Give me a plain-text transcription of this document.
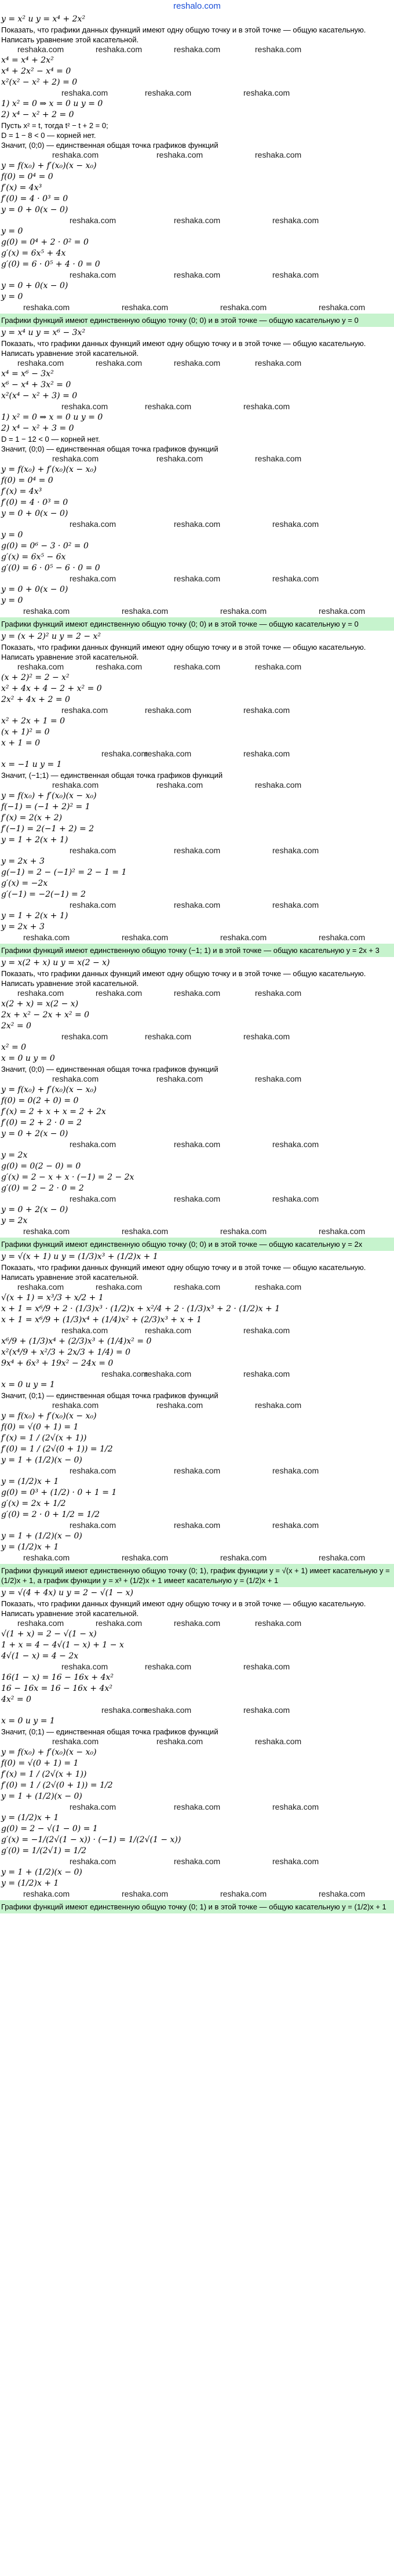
reshalo.com
y = x² и y = x⁴ + 2x²
Показать, что графики данных функций имеют одну общую точку и в этой точке — общую касательную. Написать уравнение этой касательной.
reshaka.com	reshaka.com	reshaka.com	reshaka.com
x⁴ = x⁴ + 2x²
x⁴ + 2x² − x⁴ = 0
x²(x² − x² + 2) = 0
reshaka.com	reshaka.com	reshaka.com
1) x² = 0 ⇒ x = 0 и y = 0
2) x⁴ − x² + 2 = 0
Пусть x² = t, тогда t² − t + 2 = 0;
D = 1 − 8 < 0 — корней нет.
Значит, (0;0) — единственная общая точка графиков функций
reshaka.com	reshaka.com	reshaka.com
y = f(x₀) + f′(x₀)(x − x₀)
f(0) = 0⁴ = 0
f′(x) = 4x³
f′(0) = 4 · 0³ = 0
y = 0 + 0(x − 0)
reshaka.com	reshaka.com	reshaka.com
y = 0
g(0) = 0⁴ + 2 · 0² = 0
g′(x) = 6x⁵ + 4x
g′(0) = 6 · 0⁵ + 4 · 0 = 0
reshaka.com	reshaka.com	reshaka.com
y = 0 + 0(x − 0)
y = 0
reshaka.com	reshaka.com	reshaka.com	reshaka.com
Графики функций имеют единственную общую точку (0; 0) и в этой точке — общую касательную y = 0
y = x⁴ и y = x⁶ − 3x²
Показать, что графики данных функций имеют одну общую точку и в этой точке — общую касательную. Написать уравнение этой касательной.
reshaka.com	reshaka.com	reshaka.com	reshaka.com
x⁴ = x⁶ − 3x²
x⁶ − x⁴ + 3x² = 0
x²(x⁴ − x² + 3) = 0
reshaka.com	reshaka.com	reshaka.com
1) x² = 0 ⇒ x = 0 и y = 0
2) x⁴ − x² + 3 = 0
D = 1 − 12 < 0 — корней нет.
Значит, (0;0) — единственная общая точка графиков функций
reshaka.com	reshaka.com	reshaka.com
y = f(x₀) + f′(x₀)(x − x₀)
f(0) = 0⁴ = 0
f′(x) = 4x³
f′(0) = 4 · 0³ = 0
y = 0 + 0(x − 0)
reshaka.com	reshaka.com	reshaka.com
y = 0
g(0) = 0⁶ − 3 · 0² = 0
g′(x) = 6x⁵ − 6x
g′(0) = 6 · 0⁵ − 6 · 0 = 0
reshaka.com	reshaka.com	reshaka.com
y = 0 + 0(x − 0)
y = 0
reshaka.com	reshaka.com	reshaka.com	reshaka.com
Графики функций имеют единственную общую точку (0; 0) и в этой точке — общую касательную y = 0
y = (x + 2)² и y = 2 − x²
Показать, что графики данных функций имеют одну общую точку и в этой точке — общую касательную. Написать уравнение этой касательной.
reshaka.com	reshaka.com	reshaka.com	reshaka.com
(x + 2)² = 2 − x²
x² + 4x + 4 − 2 + x² = 0
2x² + 4x + 2 = 0
reshaka.com	reshaka.com	reshaka.com
x² + 2x + 1 = 0
(x + 1)² = 0
x + 1 = 0
reshaka.com
reshaka.com	reshaka.com
x = −1 и y = 1
Значит, (−1;1) — единственная общая точка графиков функций
reshaka.com	reshaka.com	reshaka.com
y = f(x₀) + f′(x₀)(x − x₀)
f(−1) = (−1 + 2)² = 1
f′(x) = 2(x + 2)
f′(−1) = 2(−1 + 2) = 2
y = 1 + 2(x + 1)
reshaka.com	reshaka.com	reshaka.com
y = 2x + 3
g(−1) = 2 − (−1)² = 2 − 1 = 1
g′(x) = −2x
g′(−1) = −2(−1) = 2
reshaka.com	reshaka.com	reshaka.com
y = 1 + 2(x + 1)
y = 2x + 3
reshaka.com	reshaka.com	reshaka.com	reshaka.com
Графики функций имеют единственную общую точку (−1; 1) и в этой точке — общую касательную y = 2x + 3
y = x(2 + x) и y = x(2 − x)
Показать, что графики данных функций имеют одну общую точку и в этой точке — общую касательную. Написать уравнение этой касательной.
reshaka.com	reshaka.com	reshaka.com	reshaka.com
x(2 + x) = x(2 − x)
2x + x² − 2x + x² = 0
2x² = 0
reshaka.com	reshaka.com	reshaka.com
x² = 0
x = 0 и y = 0
Значит, (0;0) — единственная общая точка графиков функций
reshaka.com	reshaka.com	reshaka.com
y = f(x₀) + f′(x₀)(x − x₀)
f(0) = 0(2 + 0) = 0
f′(x) = 2 + x + x = 2 + 2x
f′(0) = 2 + 2 · 0 = 2
y = 0 + 2(x − 0)
reshaka.com	reshaka.com	reshaka.com
y = 2x
g(0) = 0(2 − 0) = 0
g′(x) = 2 − x + x · (−1) = 2 − 2x
g′(0) = 2 − 2 · 0 = 2
reshaka.com	reshaka.com	reshaka.com
y = 0 + 2(x − 0)
y = 2x
reshaka.com	reshaka.com	reshaka.com	reshaka.com
Графики функций имеют единственную общую точку (0; 0) и в этой точке — общую касательную y = 2x
y = √(x + 1) и y = (1/3)x³ + (1/2)x + 1
Показать, что графики данных функций имеют одну общую точку и в этой точке — общую касательную. Написать уравнение этой касательной.
reshaka.com	reshaka.com	reshaka.com	reshaka.com
√(x + 1) = x³/3 + x/2 + 1
x + 1 = x⁶/9 + 2 · (1/3)x³ · (1/2)x + x²/4 + 2 · (1/3)x³ + 2 · (1/2)x + 1
x + 1 = x⁶/9 + (1/3)x⁴ + (1/4)x² + (2/3)x³ + x + 1
reshaka.com	reshaka.com	reshaka.com
x⁶/9 + (1/3)x⁴ + (2/3)x³ + (1/4)x² = 0
x²(x⁴/9 + x²/3 + 2x/3 + 1/4) = 0
9x⁴ + 6x³ + 19x² − 24x = 0
reshaka.com
reshaka.com	reshaka.com
x = 0 и y = 1
Значит, (0;1) — единственная общая точка графиков функций
reshaka.com	reshaka.com	reshaka.com
y = f(x₀) + f′(x₀)(x − x₀)
f(0) = √(0 + 1) = 1
f′(x) = 1 / (2√(x + 1))
f′(0) = 1 / (2√(0 + 1)) = 1/2
y = 1 + (1/2)(x − 0)
reshaka.com	reshaka.com	reshaka.com
y = (1/2)x + 1
g(0) = 0³ + (1/2) · 0 + 1 = 1
g′(x) = 2x + 1/2
g′(0) = 2 · 0 + 1/2 = 1/2
reshaka.com	reshaka.com	reshaka.com
y = 1 + (1/2)(x − 0)
y = (1/2)x + 1
reshaka.com	reshaka.com	reshaka.com	reshaka.com
Графики функций имеют единственную общую точку (0; 1), график функции y = √(x + 1) имеет касательную y = (1/2)x + 1, а график функции y = x³ + (1/2)x + 1 имеет касательную y = (1/2)x + 1
y = √(4 + 4x) и y = 2 − √(1 − x)
Показать, что графики данных функций имеют одну общую точку и в этой точке — общую касательную. Написать уравнение этой касательной.
reshaka.com	reshaka.com	reshaka.com	reshaka.com
√(1 + x) = 2 − √(1 − x)
1 + x = 4 − 4√(1 − x) + 1 − x
4√(1 − x) = 4 − 2x
reshaka.com	reshaka.com	reshaka.com
16(1 − x) = 16 − 16x + 4x²
16 − 16x = 16 − 16x + 4x²
4x² = 0
reshaka.com
reshaka.com	reshaka.com
x = 0 и y = 1
Значит, (0;1) — единственная общая точка графиков функций
reshaka.com	reshaka.com	reshaka.com
y = f(x₀) + f′(x₀)(x − x₀)
f(0) = √(0 + 1) = 1
f′(x) = 1 / (2√(x + 1))
f′(0) = 1 / (2√(0 + 1)) = 1/2
y = 1 + (1/2)(x − 0)
reshaka.com	reshaka.com	reshaka.com
y = (1/2)x + 1
g(0) = 2 − √(1 − 0) = 1
g′(x) = −1/(2√(1 − x)) · (−1) = 1/(2√(1 − x))
g′(0) = 1/(2√1) = 1/2
reshaka.com	reshaka.com	reshaka.com
y = 1 + (1/2)(x − 0)
y = (1/2)x + 1
reshaka.com	reshaka.com	reshaka.com	reshaka.com
Графики функций имеют единственную общую точку (0; 1) и в этой точке — общую касательную y = (1/2)x + 1
